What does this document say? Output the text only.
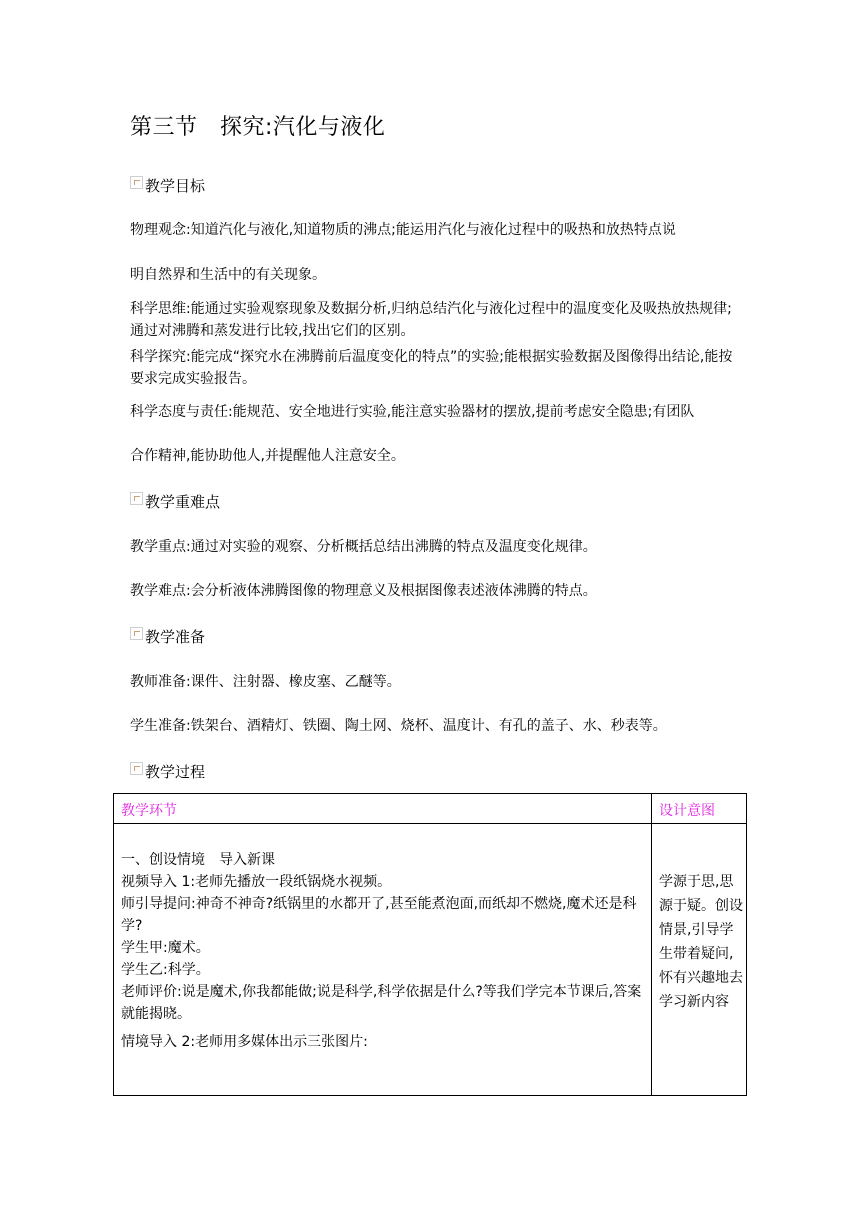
第三节　探究:汽化与液化
教学目标
物理观念:知道汽化与液化,知道物质的沸点;能运用汽化与液化过程中的吸热和放热特点说
明自然界和生活中的有关现象。
科学思维:能通过实验观察现象及数据分析,归纳总结汽化与液化过程中的温度变化及吸热放热规律;通过对沸腾和蒸发进行比较,找出它们的区别。
科学探究:能完成“探究水在沸腾前后温度变化的特点”的实验;能根据实验数据及图像得出结论,能按要求完成实验报告。
科学态度与责任:能规范、安全地进行实验,能注意实验器材的摆放,提前考虑安全隐患;有团队
合作精神,能协助他人,并提醒他人注意安全。
教学重难点
教学重点:通过对实验的观察、分析概括总结出沸腾的特点及温度变化规律。
教学难点:会分析液体沸腾图像的物理意义及根据图像表述液体沸腾的特点。
教学准备
教师准备:课件、注射器、橡皮塞、乙醚等。
学生准备:铁架台、酒精灯、铁圈、陶土网、烧杯、温度计、有孔的盖子、水、秒表等。
教学过程
教学环节	设计意图

一、创设情境　导入新课

视频导入 1:老师先播放一段纸锅烧水视频。

师引导提问:神奇不神奇?纸锅里的水都开了,甚至能煮泡面,而纸却不燃烧,魔术还是科学?

学生甲:魔术。

学生乙:科学。

老师评价:说是魔术,你我都能做;说是科学,科学依据是什么?等我们学完本节课后,答案就能揭晓。

情境导入 2:老师用多媒体出示三张图片:

学源于思,思源于疑。创设情景,引导学生带着疑问,怀有兴趣地去学习新内容
